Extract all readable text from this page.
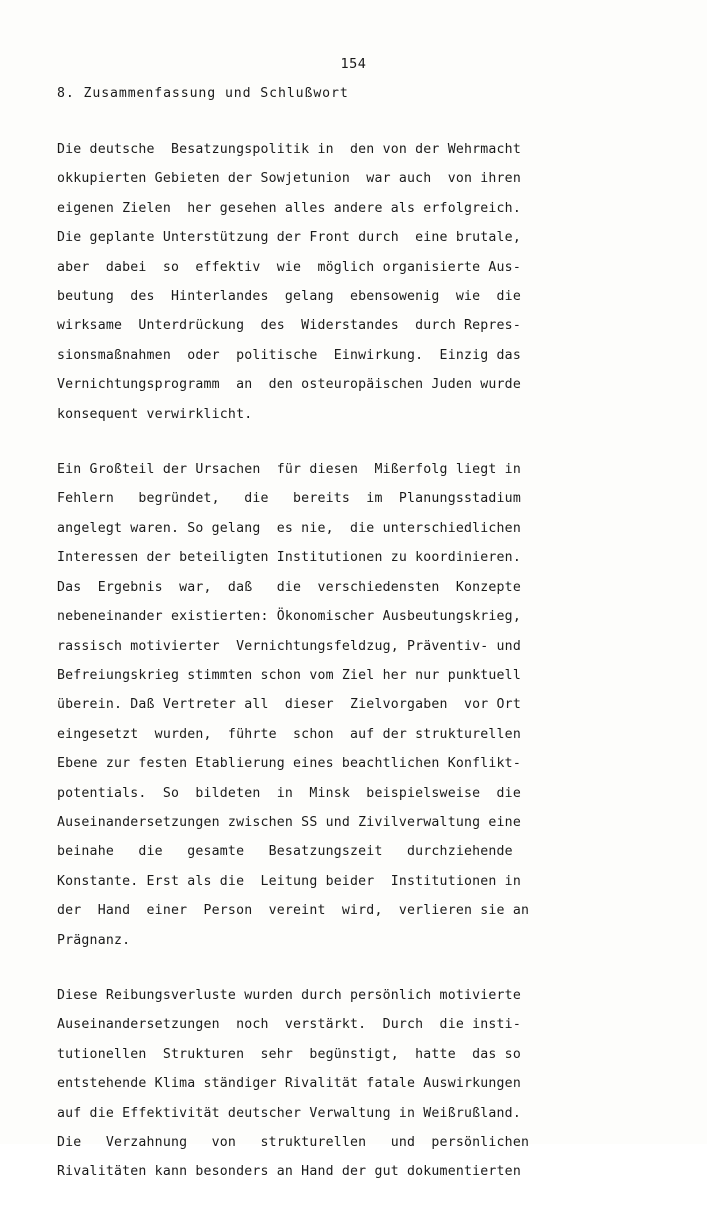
154
8. Zusammenfassung und Schlußwort
Die deutsche  Besatzungspolitik in  den von der Wehrmacht
okkupierten Gebieten der Sowjetunion  war auch  von ihren
eigenen Zielen  her gesehen alles andere als erfolgreich.
Die geplante Unterstützung der Front durch  eine brutale,
aber  dabei  so  effektiv  wie  möglich organisierte Aus-
beutung  des  Hinterlandes  gelang  ebensowenig  wie  die
wirksame  Unterdrückung  des  Widerstandes  durch Repres-
sionsmaßnahmen  oder  politische  Einwirkung.  Einzig das
Vernichtungsprogramm  an  den osteuropäischen Juden wurde
konsequent verwirklicht.
Ein Großteil der Ursachen  für diesen  Mißerfolg liegt in
Fehlern   begründet,   die   bereits  im  Planungsstadium
angelegt waren. So gelang  es nie,  die unterschiedlichen
Interessen der beteiligten Institutionen zu koordinieren.
Das  Ergebnis  war,  daß   die  verschiedensten  Konzepte
nebeneinander existierten: Ökonomischer Ausbeutungskrieg,
rassisch motivierter  Vernichtungsfeldzug, Präventiv- und
Befreiungskrieg stimmten schon vom Ziel her nur punktuell
überein. Daß Vertreter all  dieser  Zielvorgaben  vor Ort
eingesetzt  wurden,  führte  schon  auf der strukturellen
Ebene zur festen Etablierung eines beachtlichen Konflikt-
potentials.  So  bildeten  in  Minsk  beispielsweise  die
Auseinandersetzungen zwischen SS und Zivilverwaltung eine
beinahe   die   gesamte   Besatzungszeit   durchziehende
Konstante. Erst als die  Leitung beider  Institutionen in
der  Hand  einer  Person  vereint  wird,  verlieren sie an
Prägnanz.
Diese Reibungsverluste wurden durch persönlich motivierte
Auseinandersetzungen  noch  verstärkt.  Durch  die insti-
tutionellen  Strukturen  sehr  begünstigt,  hatte  das so
entstehende Klima ständiger Rivalität fatale Auswirkungen
auf die Effektivität deutscher Verwaltung in Weißrußland.
Die   Verzahnung   von   strukturellen   und  persönlichen
Rivalitäten kann besonders an Hand der gut dokumentierten
